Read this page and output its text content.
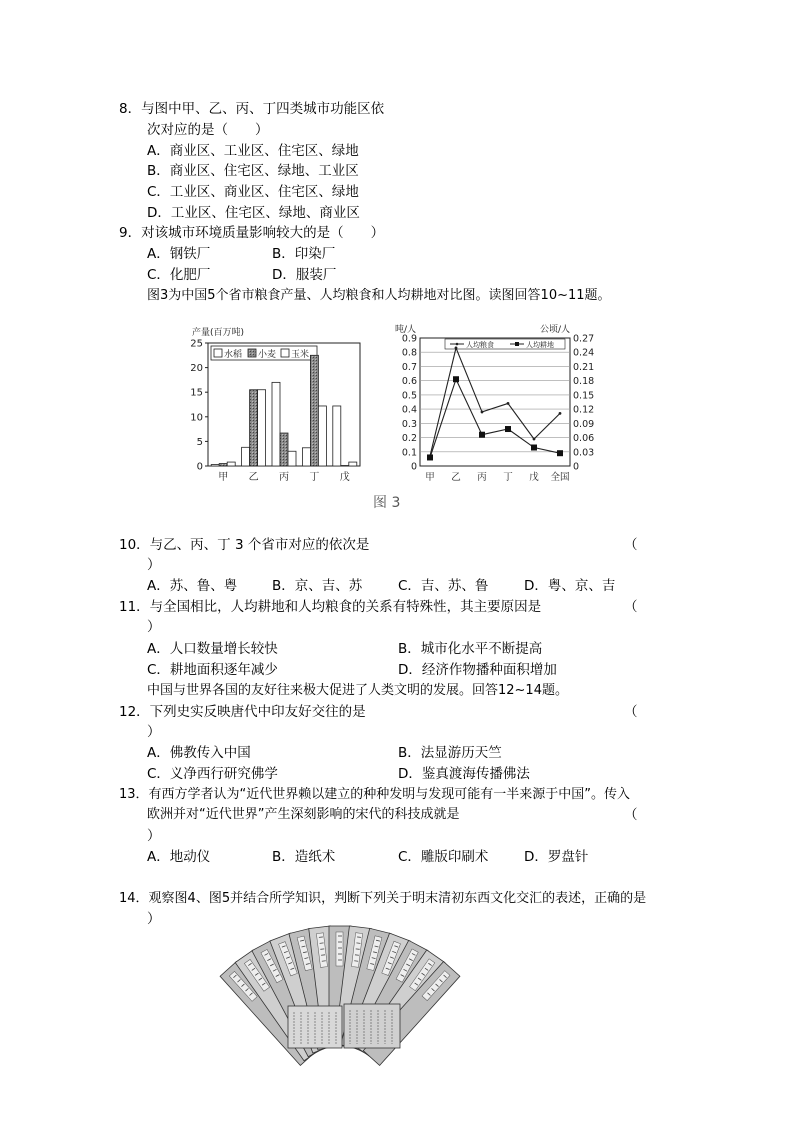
8．与图中甲、乙、丙、丁四类城市功能区依
次对应的是（　　）
A．商业区、工业区、住宅区、绿地
B．商业区、住宅区、绿地、工业区
C．工业区、商业区、住宅区、绿地
D．工业区、住宅区、绿地、商业区
9．对该城市环境质量影响较大的是（　　）
A．钢铁厂	B．印染厂
C．化肥厂	D．服装厂
图3为中国5个省市粮食产量、人均粮食和人均耕地对比图。读图回答10~11题。
产量(百万吨)
0
5
10
15
20
25
水稻 小麦 玉米
甲 乙 丙 丁 戊
吨/人	公顷/人
0
0.1
0.2
0.3
0.4
0.5
0.6
0.7
0.8
0.9
0
0.03
0.06
0.09
0.12
0.15
0.18
0.21
0.24
0.27
甲 乙 丙 丁 戊 全国
人均粮食	人均耕地
图 3
10．与乙、丙、丁 3 个省市对应的依次是	（
）
A．苏、鲁、粤	B．京、吉、苏	C．吉、苏、鲁	D．粤、京、吉
11．与全国相比，人均耕地和人均粮食的关系有特殊性，其主要原因是	（
）
A．人口数量增长较快	B．城市化水平不断提高
C．耕地面积逐年减少	D．经济作物播种面积增加
中国与世界各国的友好往来极大促进了人类文明的发展。回答12~14题。
12．下列史实反映唐代中印友好交往的是	（
）
A．佛教传入中国	B．法显游历天竺
C．义净西行研究佛学	D．鉴真渡海传播佛法
13．有西方学者认为“近代世界赖以建立的种种发明与发现可能有一半来源于中国”。传入
欧洲并对“近代世界”产生深刻影响的宋代的科技成就是	（
）
A．地动仪	B．造纸术	C．雕版印刷术	D．罗盘针
14．观察图4、图5并结合所学知识，判断下列关于明末清初东西文化交汇的表述，正确的是
）
